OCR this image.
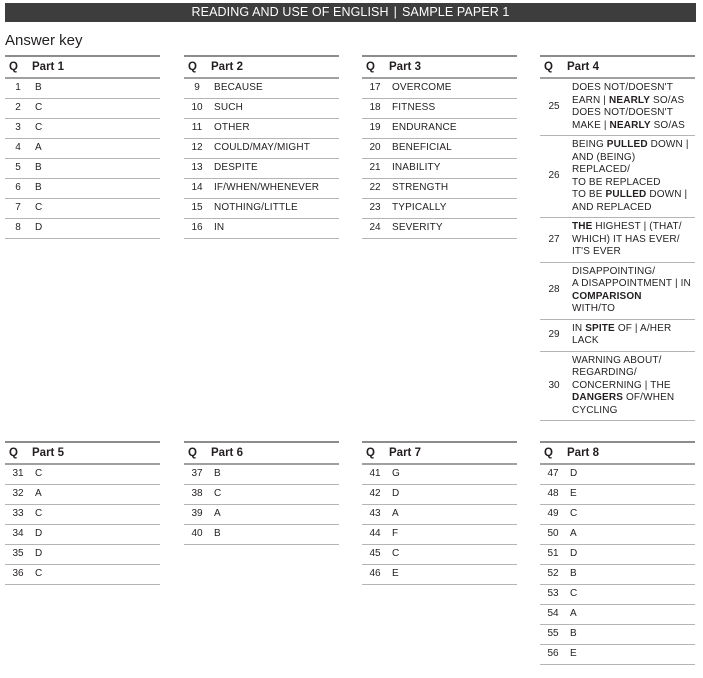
READING AND USE OF ENGLISH | SAMPLE PAPER 1
Answer key
Q	Part 1
1	B
2	C
3	C
4	A
5	B
6	B
7	C
8	D
Q	Part 2
9	BECAUSE
10	SUCH
11	OTHER
12	COULD/MAY/MIGHT
13	DESPITE
14	IF/WHEN/WHENEVER
15	NOTHING/LITTLE
16	IN
Q	Part 3
17	OVERCOME
18	FITNESS
19	ENDURANCE
20	BENEFICIAL
21	INABILITY
22	STRENGTH
23	TYPICALLY
24	SEVERITY
Q	Part 4
25
DOES NOT/DOESN'T
EARN | NEARLY SO/AS
DOES NOT/DOESN'T
MAKE | NEARLY SO/AS
26
BEING PULLED DOWN |
AND (BEING) REPLACED/
TO BE REPLACED
TO BE PULLED DOWN |
AND REPLACED
27
THE HIGHEST | (THAT/
WHICH) IT HAS EVER/
IT'S EVER
28
DISAPPOINTING/
A DISAPPOINTMENT | IN
COMPARISON
WITH/TO
29
IN SPITE OF | A/HER
LACK
30
WARNING ABOUT/
REGARDING/
CONCERNING | THE
DANGERS OF/WHEN
CYCLING
Q	Part 5
31	C
32	A
33	C
34	D
35	D
36	C
Q	Part 6
37	B
38	C
39	A
40	B
Q	Part 7
41	G
42	D
43	A
44	F
45	C
46	E
Q	Part 8
47	D
48	E
49	C
50	A
51	D
52	B
53	C
54	A
55	B
56	E
